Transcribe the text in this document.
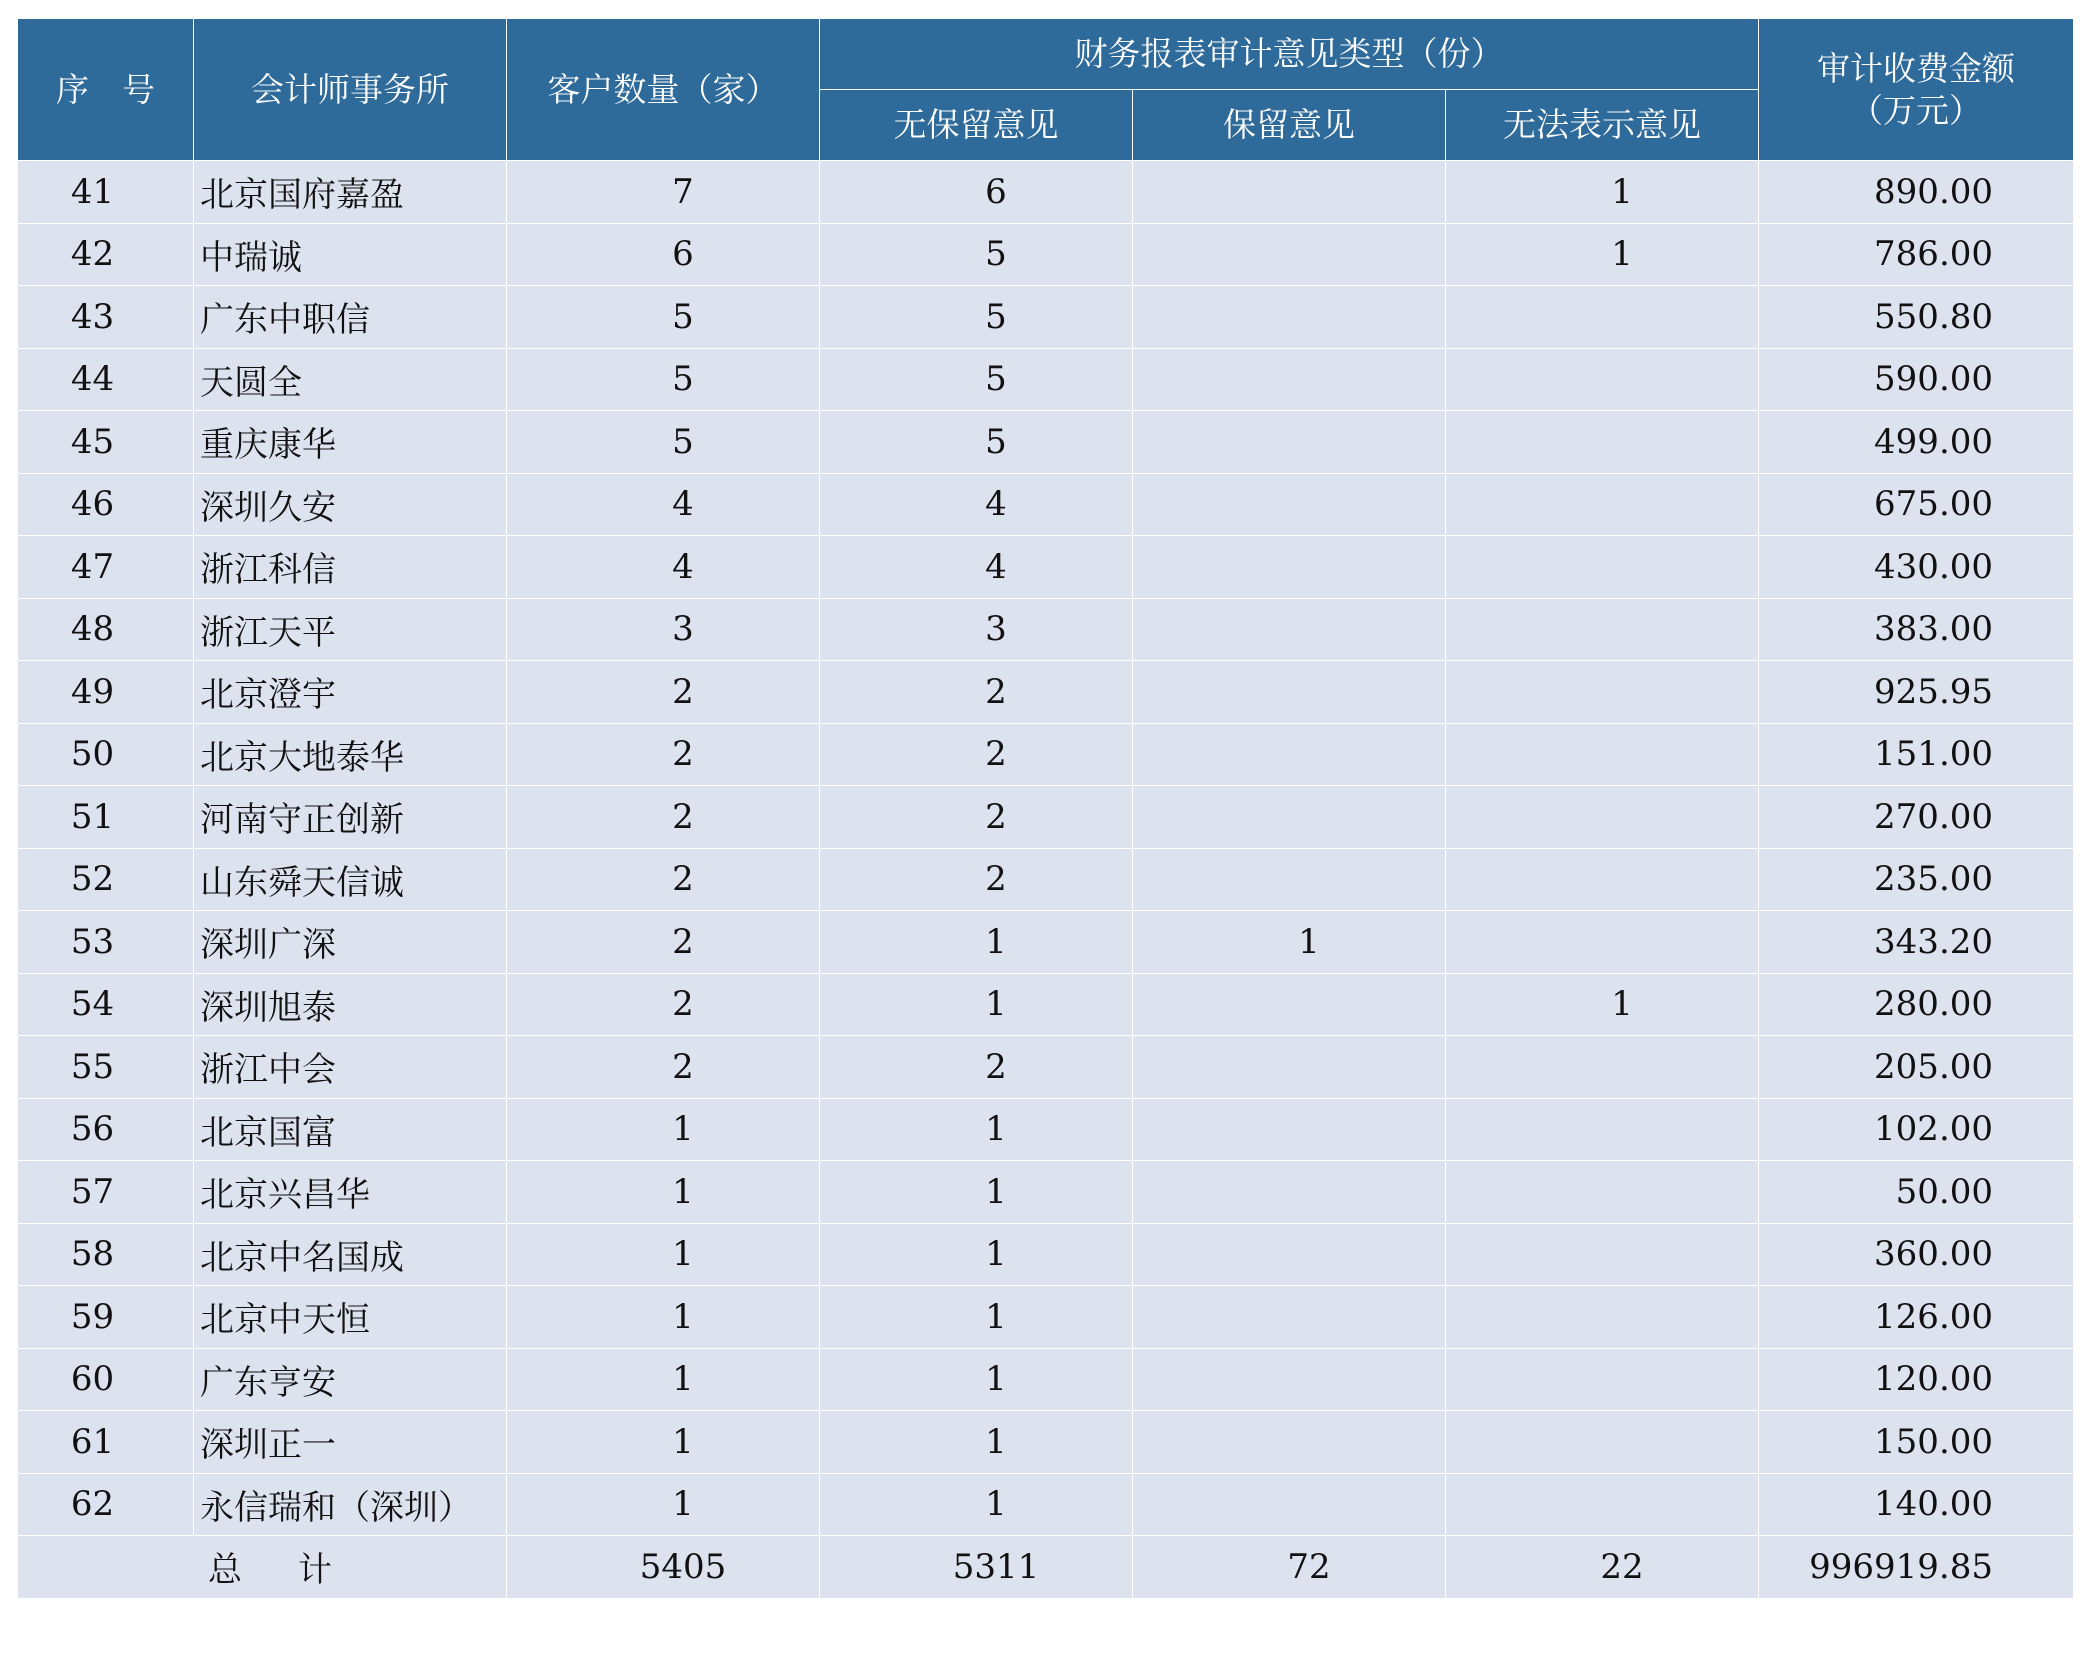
序　号	会计师事务所	客户数量（家）	财务报表审计意见类型（份）			审计收费金额
（万元）
			无保留意见	保留意见	无法表示意见	
41	北京国府嘉盈	7	6		1	890.00
42	中瑞诚	6	5		1	786.00
43	广东中职信	5	5			550.80
44	天圆全	5	5			590.00
45	重庆康华	5	5			499.00
46	深圳久安	4	4			675.00
47	浙江科信	4	4			430.00
48	浙江天平	3	3			383.00
49	北京澄宇	2	2			925.95
50	北京大地泰华	2	2			151.00
51	河南守正创新	2	2			270.00
52	山东舜天信诚	2	2			235.00
53	深圳广深	2	1	1		343.20
54	深圳旭泰	2	1		1	280.00
55	浙江中会	2	2			205.00
56	北京国富	1	1			102.00
57	北京兴昌华	1	1			50.00
58	北京中名国成	1	1			360.00
59	北京中天恒	1	1			126.00
60	广东亨安	1	1			120.00
61	深圳正一	1	1			150.00
62	永信瑞和（深圳）	1	1			140.00
总 计		5405	5311	72	22	996919.85
